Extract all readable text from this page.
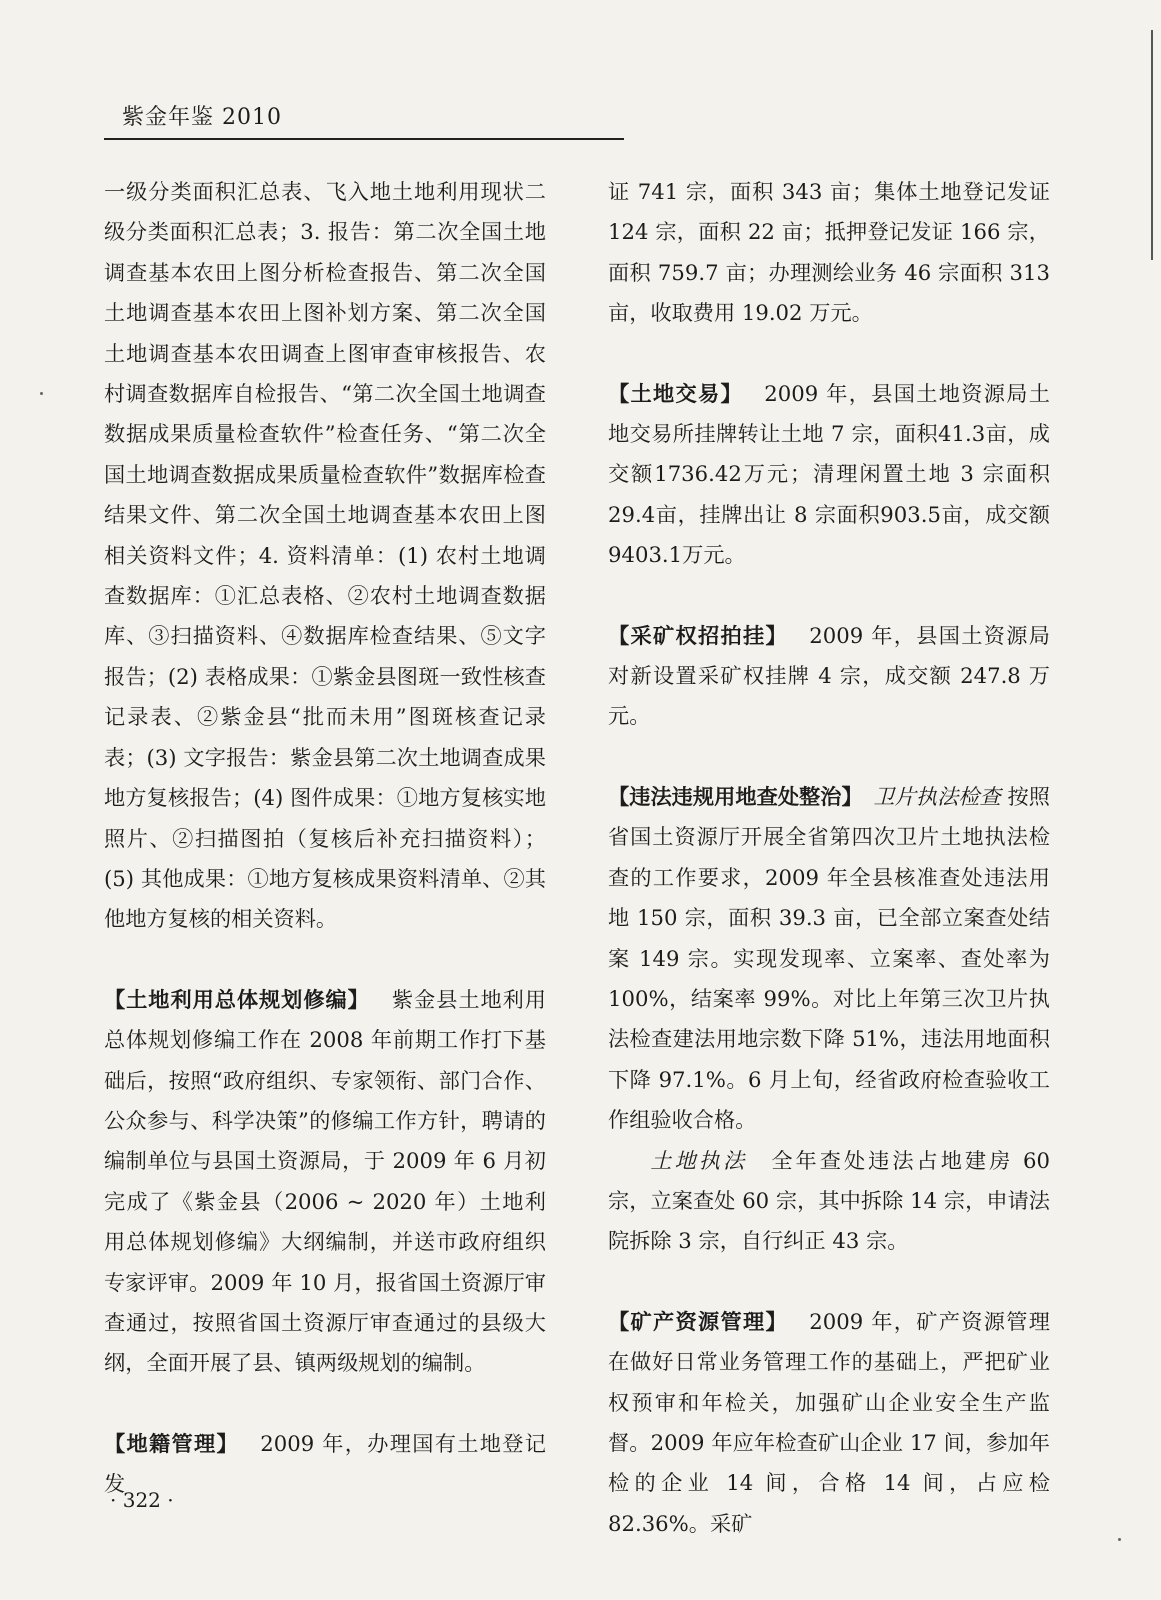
紫金年鉴 2010

一级分类面积汇总表、飞入地土地利用现状二级分类面积汇总表；3. 报告：第二次全国土地调查基本农田上图分析检查报告、第二次全国土地调查基本农田上图补划方案、第二次全国土地调查基本农田调查上图审查审核报告、农村调查数据库自检报告、“第二次全国土地调查数据成果质量检查软件”检查任务、“第二次全国土地调查数据成果质量检查软件”数据库检查结果文件、第二次全国土地调查基本农田上图相关资料文件；4. 资料清单：(1) 农村土地调查数据库：①汇总表格、②农村土地调查数据库、③扫描资料、④数据库检查结果、⑤文字报告；(2) 表格成果：①紫金县图斑一致性核查记录表、②紫金县“批而未用”图斑核查记录表；(3) 文字报告：紫金县第二次土地调查成果地方复核报告；(4) 图件成果：①地方复核实地照片、②扫描图拍（复核后补充扫描资料）；(5) 其他成果：①地方复核成果资料清单、②其他地方复核的相关资料。

【土地利用总体规划修编】  紫金县土地利用总体规划修编工作在 2008 年前期工作打下基础后，按照“政府组织、专家领衔、部门合作、公众参与、科学决策”的修编工作方针，聘请的编制单位与县国土资源局，于 2009 年 6 月初完成了《紫金县（2006 ~ 2020 年）土地利用总体规划修编》大纲编制，并送市政府组织专家评审。2009 年 10 月，报省国土资源厅审查通过，按照省国土资源厅审查通过的县级大纲，全面开展了县、镇两级规划的编制。

【地籍管理】  2009 年，办理国有土地登记发

证 741 宗，面积 343 亩；集体土地登记发证 124 宗，面积 22 亩；抵押登记发证 166 宗，面积 759.7 亩；办理测绘业务 46 宗面积 313 亩，收取费用 19.02 万元。

【土地交易】  2009 年，县国土地资源局土地交易所挂牌转让土地 7 宗，面积41.3亩，成交额1736.42万元；清理闲置土地 3 宗面积29.4亩，挂牌出让 8 宗面积903.5亩，成交额9403.1万元。

【采矿权招拍挂】  2009 年，县国土资源局对新设置采矿权挂牌 4 宗，成交额 247.8 万元。

【违法违规用地查处整治】  卫片执法检查 按照省国土资源厅开展全省第四次卫片土地执法检查的工作要求，2009 年全县核准查处违法用地 150 宗，面积 39.3 亩，已全部立案查处结案 149 宗。实现发现率、立案率、查处率为 100%，结案率 99%。对比上年第三次卫片执法检查建法用地宗数下降 51%，违法用地面积下降 97.1%。6 月上旬，经省政府检查验收工作组验收合格。

土地执法  全年查处违法占地建房 60 宗，立案查处 60 宗，其中拆除 14 宗，申请法院拆除 3 宗，自行纠正 43 宗。

【矿产资源管理】  2009 年，矿产资源管理在做好日常业务管理工作的基础上，严把矿业权预审和年检关，加强矿山企业安全生产监督。2009 年应年检查矿山企业 17 间，参加年检的企业 14 间，合格 14 间，占应检 82.36%。采矿

· 322 ·
